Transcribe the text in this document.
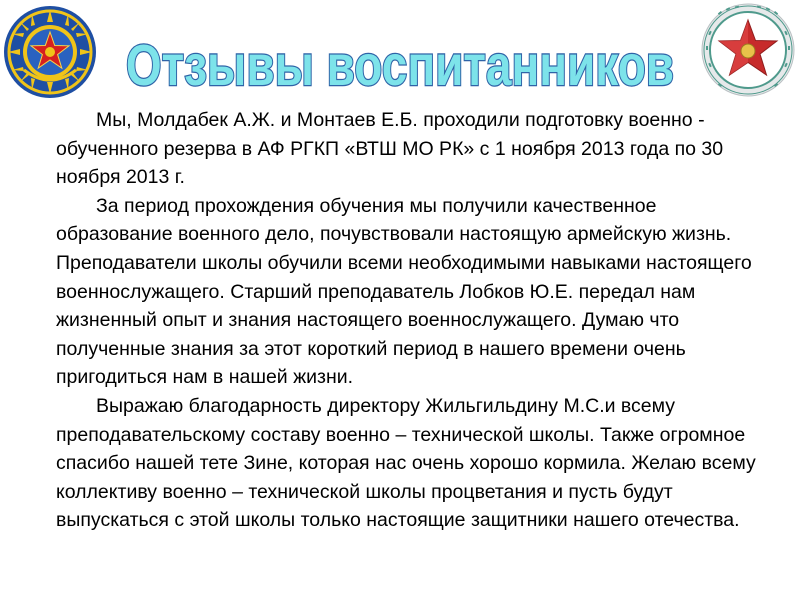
Отзывы воспитанников

Мы, Молдабек А.Ж. и Монтаев Е.Б. проходили подготовку военно - обученного резерва в АФ РГКП «ВТШ МО РК» с 1 ноября 2013 года по 30 ноября 2013 г.

За период прохождения обучения мы получили качественное образование военного дело, почувствовали настоящую армейскую жизнь. Преподаватели школы обучили всеми необходимыми навыками настоящего военнослужащего. Старший преподаватель Лобков Ю.Е. передал нам жизненный опыт и знания настоящего военнослужащего. Думаю что полученные знания за этот короткий период в нашего времени очень пригодиться нам в нашей жизни.

Выражаю благодарность директору Жильгильдину М.С.и всему преподавательскому составу военно – технической школы. Также огромное спасибо нашей тете Зине, которая нас очень хорошо кормила. Желаю всему коллективу военно – технической школы процветания и пусть будут выпускаться с этой школы только настоящие защитники нашего отечества.
